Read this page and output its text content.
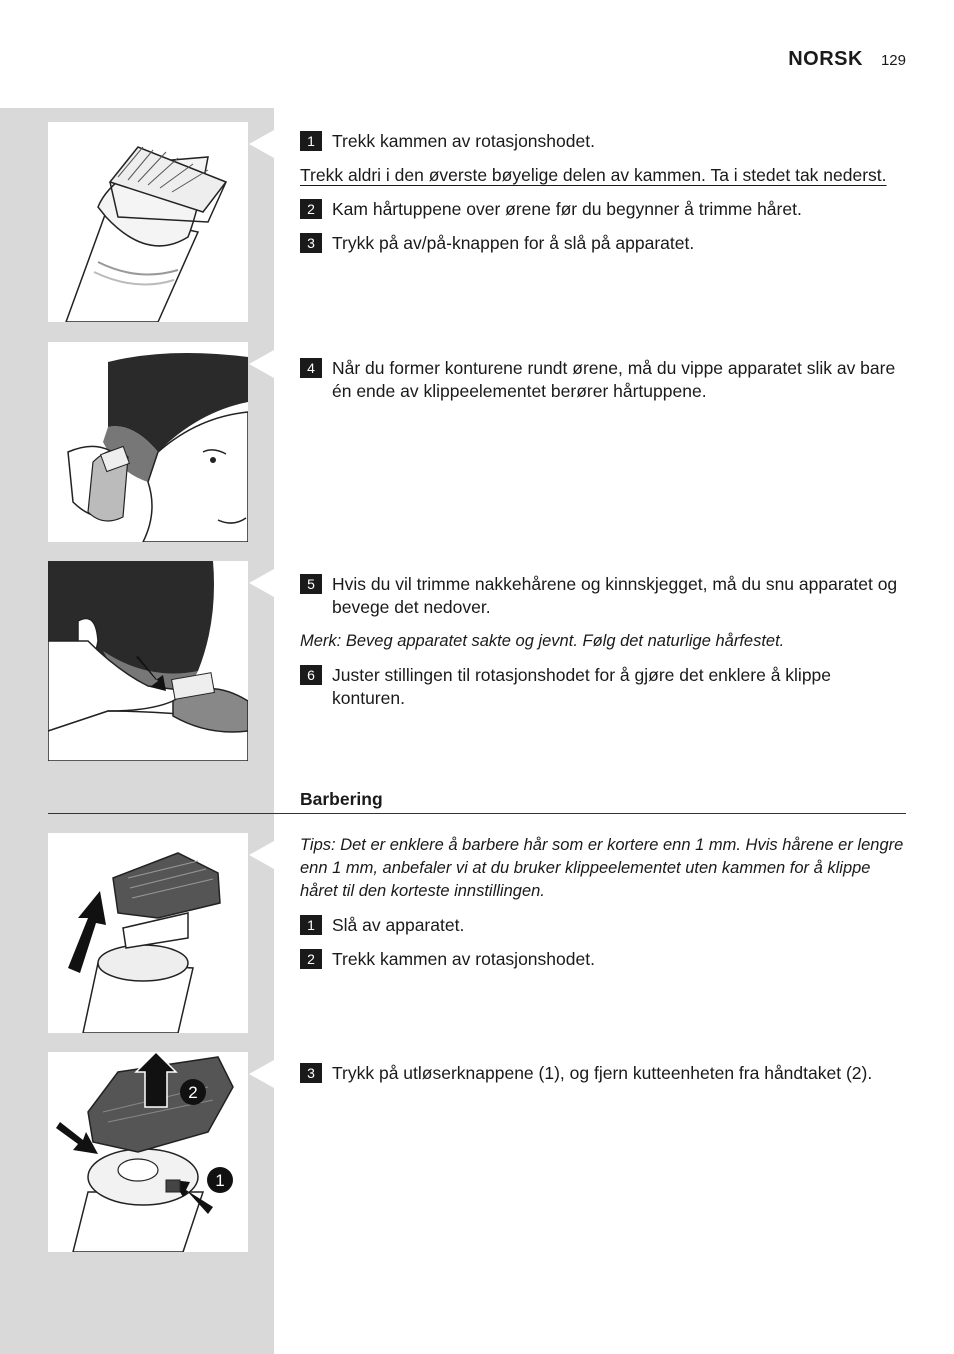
NORSK 129
2
1
1 Trekk kammen av rotasjonshodet.
Trekk aldri i den øverste bøyelige delen av kammen. Ta i stedet tak nederst.
2 Kam hårtuppene over ørene før du begynner å trimme håret.
3 Trykk på av/på-knappen for å slå på apparatet.
4 Når du former konturene rundt ørene, må du vippe apparatet slik av bare én ende av klippeelementet berører hårtuppene.
5 Hvis du vil trimme nakkehårene og kinnskjegget, må du snu apparatet og bevege det nedover.
Merk: Beveg apparatet sakte og jevnt. Følg det naturlige hårfestet.
6 Juster stillingen til rotasjonshodet for å gjøre det enklere å klippe konturen.
Barbering
Tips: Det er enklere å barbere hår som er kortere enn 1 mm. Hvis hårene er lengre enn 1 mm, anbefaler vi at du bruker klippeelementet uten kammen for å klippe håret til den korteste innstillingen.
1 Slå av apparatet.
2 Trekk kammen av rotasjonshodet.
3 Trykk på utløserknappene (1), og fjern kutteenheten fra håndtaket (2).
